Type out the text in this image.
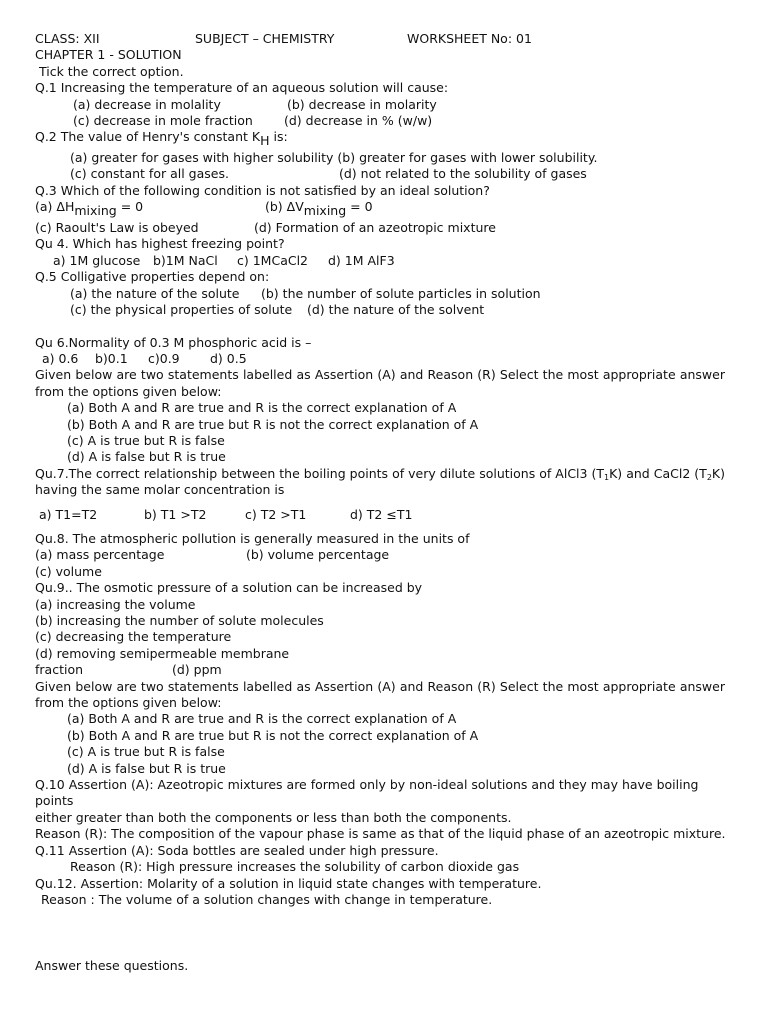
CLASS: XII	SUBJECT – CHEMISTRY	WORKSHEET No: 01
CHAPTER 1 - SOLUTION
Tick the correct option.
Q.1 Increasing the temperature of an aqueous solution will cause:
(a) decrease in molality	(b) decrease in molarity
(c) decrease in mole fraction (d) decrease in % (w/w)
Q.2 The value of Henry's constant $K_H$ is:
(a) greater for gases with higher solubility (b) greater for gases with lower solubility.
(c) constant for all gases.	(d) not related to the solubility of gases
Q.3 Which of the following condition is not satisfied by an ideal solution?
(a) $\Delta H_{mixing} = 0$	(b) $\Delta V_{mixing} = 0$
(c) Raoult's Law is obeyed	(d) Formation of an azeotropic mixture
Qu 4. Which has highest freezing point?
a) 1M glucose b)1M NaCl c) 1MCaCl2 d) 1M AlF3
Q.5 Colligative properties depend on:
(a) the nature of the solute (b) the number of solute particles in solution
(c) the physical properties of solute (d) the nature of the solvent
Qu 6.Normality of 0.3 M phosphoric acid is –
a) 0.6 b)0.1 c)0.9 d) 0.5
Given below are two statements labelled as Assertion (A) and Reason (R) Select the most appropriate answer from the options given below:
(a) Both A and R are true and R is the correct explanation of A
(b) Both A and R are true but R is not the correct explanation of A
(c) A is true but R is false
(d) A is false but R is true
Qu.7.The correct relationship between the boiling points of very dilute solutions of AlCl3 $(T_1K)$ and CaCl2 $(T_2K)$ having the same molar concentration is
a) T1=T2	b) T1 >T2	c) T2 >T1	d) T2 ≤T1
Qu.8. The atmospheric pollution is generally measured in the units of
(a) mass percentage	(b) volume percentage
(c) volume
Qu.9.. The osmotic pressure of a solution can be increased by
(a) increasing the volume
(b) increasing the number of solute molecules
(c) decreasing the temperature
(d) removing semipermeable membrane
fraction	(d) ppm
Given below are two statements labelled as Assertion (A) and Reason (R) Select the most appropriate answer from the options given below:
(a) Both A and R are true and R is the correct explanation of A
(b) Both A and R are true but R is not the correct explanation of A
(c) A is true but R is false
(d) A is false but R is true
Q.10 Assertion (A): Azeotropic mixtures are formed only by non-ideal solutions and they may have boiling
points
either greater than both the components or less than both the components.
Reason (R): The composition of the vapour phase is same as that of the liquid phase of an azeotropic mixture.
Q.11 Assertion (A): Soda bottles are sealed under high pressure.
Reason (R): High pressure increases the solubility of carbon dioxide gas
Qu.12. Assertion: Molarity of a solution in liquid state changes with temperature.
Reason : The volume of a solution changes with change in temperature.
Answer these questions.
